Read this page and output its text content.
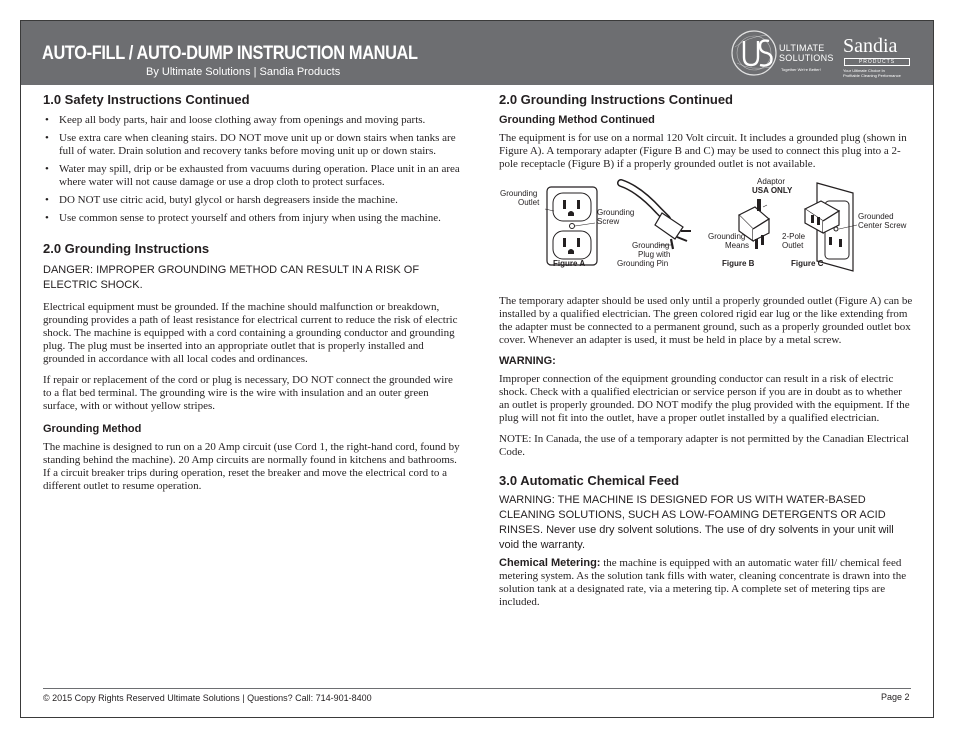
AUTO-FILL / AUTO-DUMP INSTRUCTION MANUAL
By Ultimate Solutions | Sandia Products
ULTIMATE
SOLUTIONS
Together We're Better!
Sandia
PRODUCTS
Your Ultimate Choice In
Profitable Cleaning Performance
1.0 Safety Instructions Continued
• Keep all body parts, hair and loose clothing away from openings and moving parts.
• Use extra care when cleaning stairs. DO NOT move unit up or down stairs when tanks are full of water. Drain solution and recovery tanks before moving unit up or down stairs.
• Water may spill, drip or be exhausted from vacuums during operation. Place unit in an area where water will not cause damage or use a drop cloth to protect surfaces.
• DO NOT use citric acid, butyl glycol or harsh degreasers inside the machine.
• Use common sense to protect yourself and others from injury when using the machine.
2.0 Grounding Instructions

DANGER: IMPROPER GROUNDING METHOD CAN RESULT IN A RISK OF ELECTRIC SHOCK.

Electrical equipment must be grounded. If the machine should malfunction or breakdown, grounding provides a path of least resistance for electrical current to reduce the risk of electric shock. The machine is equipped with a cord containing a grounding conductor and grounding plug. The plug must be inserted into an appropriate outlet that is properly installed and grounded in accordance with all local codes and ordinances.

If repair or replacement of the cord or plug is necessary, DO NOT connect the grounded wire to a flat bed terminal. The grounding wire is the wire with insulation and an outer green surface, with or without yellow stripes.

Grounding Method

The machine is designed to run on a 20 Amp circuit (use Cord 1, the right-hand cord, found by standing behind the machine). 20 Amp circuits are normally found in kitchens and bathrooms. If a circuit breaker trips during operation, reset the breaker and move the electrical cord to a different outlet to resume operation.

2.0 Grounding Instructions Continued
Grounding Method Continued

The equipment is for use on a normal 120 Volt circuit. It includes a grounded plug (shown in Figure A). A temporary adapter (Figure B and C) may be used to connect this plug into a 2-pole receptacle (Figure B) if a properly grounded outlet is not available.

Grounding
Outlet
Grounding
Screw
Grounding
Plug with
Grounding Pin
Adaptor
USA ONLY
Grounding
Means
2-Pole
Outlet
Grounded
Center Screw
Figure A	Figure B	Figure C

The temporary adapter should be used only until a properly grounded outlet (Figure A) can be installed by a qualified electrician. The green colored rigid ear lug or the like extending from the adapter must be connected to a permanent ground, such as a properly grounded outlet box cover. Whenever an adapter is used, it must be held in place by a metal screw.

WARNING:

Improper connection of the equipment grounding conductor can result in a risk of electric shock. Check with a qualified electrician or service person if you are in doubt as to whether an outlet is properly grounded. DO NOT modify the plug provided with the equipment. If the plug will not fit into the outlet, have a proper outlet installed by a qualified electrician.

NOTE: In Canada, the use of a temporary adapter is not permitted by the Canadian Electrical Code.

3.0 Automatic Chemical Feed

WARNING: THE MACHINE IS DESIGNED FOR US WITH WATER-BASED CLEANING SOLUTIONS, SUCH AS LOW-FOAMING DETERGENTS OR ACID RINSES. Never use dry solvent solutions. The use of dry solvents in your unit will void the warranty.

Chemical Metering: the machine is equipped with an automatic water fill/ chemical feed metering system. As the solution tank fills with water, cleaning concentrate is drawn into the solution tank at a designated rate, via a metering tip. A complete set of metering tips are included.

© 2015 Copy Rights Reserved Ultimate Solutions | Questions? Call: 714-901-8400	Page 2
